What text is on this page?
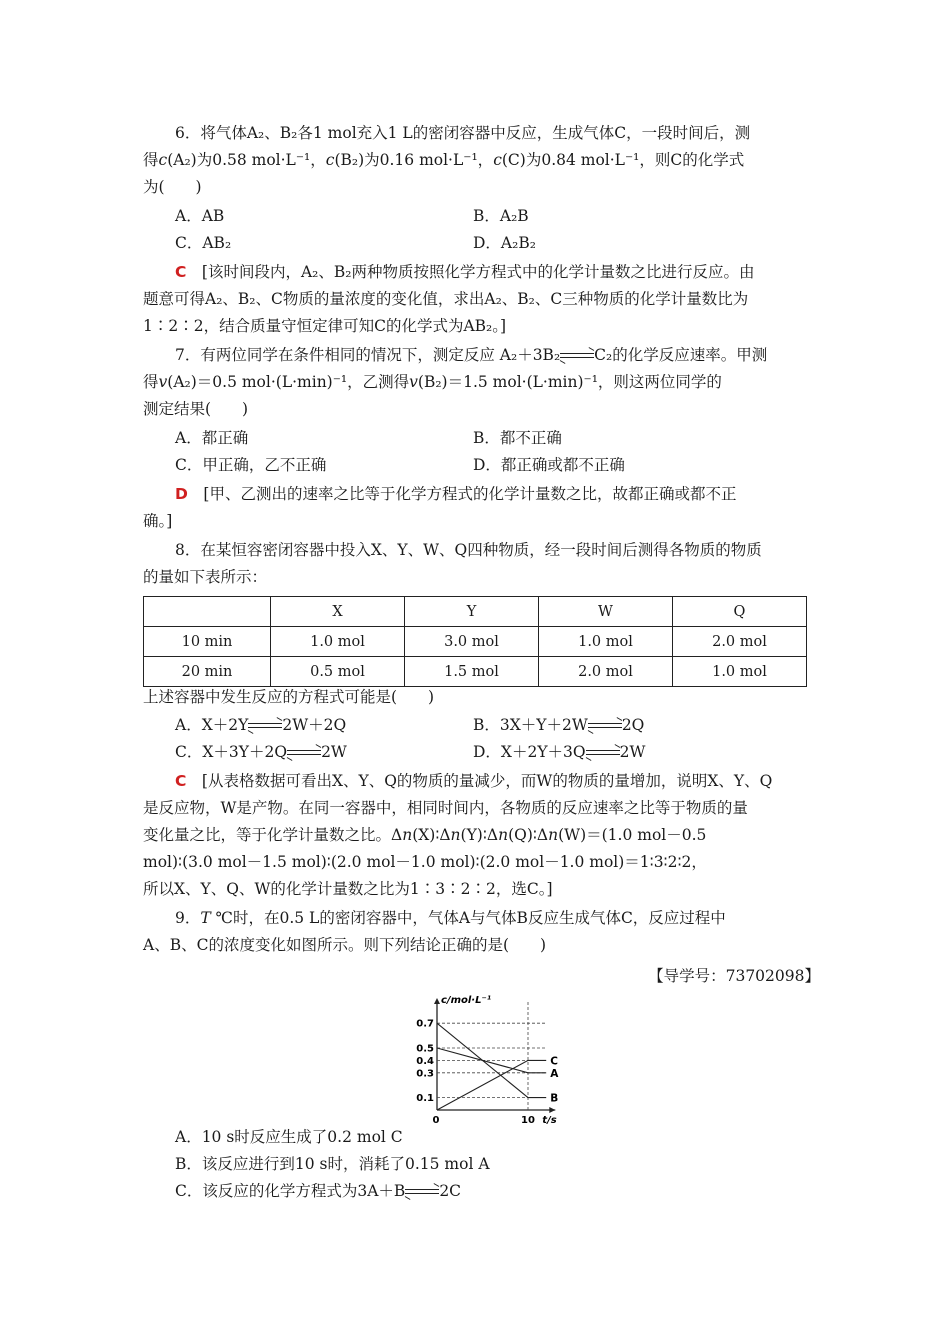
6．将气体A₂、B₂各1 mol充入1 L的密闭容器中反应，生成气体C，一段时间后，测
得c(A₂)为0.58 mol·L⁻¹，c(B₂)为0.16 mol·L⁻¹，c(C)为0.84 mol·L⁻¹，则C的化学式
为(　　)
A．AB	B．A₂B
C．AB₂	D．A₂B₂
C　 [该时间段内，A₂、B₂两种物质按照化学方程式中的化学计量数之比进行反应。由
题意可得A₂、B₂、C物质的量浓度的变化值，求出A₂、B₂、C三种物质的化学计量数比为
1∶2∶2，结合质量守恒定律可知C的化学式为AB₂。]
7．有两位同学在条件相同的情况下，测定反应 A₂＋3B₂ C₂的化学反应速率。甲测
得v(A₂)＝0.5 mol·(L·min)⁻¹，乙测得v(B₂)＝1.5 mol·(L·min)⁻¹，则这两位同学的
测定结果(　　)
A．都正确	B．都不正确
C．甲正确，乙不正确	D．都正确或都不正确
D　 [甲、乙测出的速率之比等于化学方程式的化学计量数之比，故都正确或都不正
确。]
8．在某恒容密闭容器中投入X、Y、W、Q四种物质，经一段时间后测得各物质的物质
的量如下表所示：
	X	Y	W	Q
10 min	1.0 mol	3.0 mol	1.0 mol	2.0 mol
20 min	0.5 mol	1.5 mol	2.0 mol	1.0 mol
上述容器中发生反应的方程式可能是(　　)
A．X＋2Y 2W＋2Q	B．3X＋Y＋2W 2Q
C．X＋3Y＋2Q 2W	D．X＋2Y＋3Q 2W
C　 [从表格数据可看出X、Y、Q的物质的量减少，而W的物质的量增加，说明X、Y、Q
是反应物，W是产物。在同一容器中，相同时间内，各物质的反应速率之比等于物质的量
变化量之比，等于化学计量数之比。Δn(X)∶Δn(Y)∶Δn(Q)∶Δn(W)＝(1.0 mol－0.5
mol)∶(3.0 mol－1.5 mol)∶(2.0 mol－1.0 mol)∶(2.0 mol－1.0 mol)＝1∶3∶2∶2，
所以X、Y、Q、W的化学计量数之比为1∶3∶2∶2，选C。]
9．T ℃时，在0.5 L的密闭容器中，气体A与气体B反应生成气体C，反应过程中
A、B、C的浓度变化如图所示。则下列结论正确的是(　　)
【导学号：73702098】
c/mol·L⁻¹
t/s
0.1
0.3
0.4
0.5
0.7
0	10
A
B
C
A．10 s时反应生成了0.2 mol C
B．该反应进行到10 s时，消耗了0.15 mol A
C．该反应的化学方程式为3A＋B 2C
